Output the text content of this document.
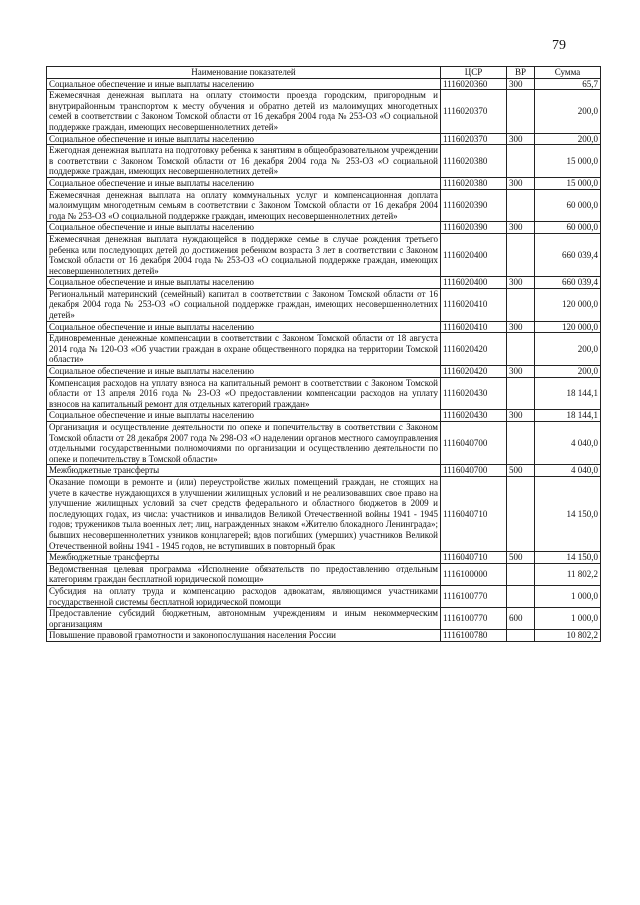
79
Наименование показателей	ЦСР	ВР	Сумма
Социальное обеспечение и иные выплаты населению	1116020360	300	65,7
Ежемесячная денежная выплата на оплату стоимости проезда городским, пригородным и внутрирайонным транспортом к месту обучения и обратно детей из малоимущих многодетных семей в соответствии с Законом Томской области от 16 декабря 2004 года № 253-ОЗ «О социальной поддержке граждан, имеющих несовершеннолетних детей»	1116020370		200,0
Социальное обеспечение и иные выплаты населению	1116020370	300	200,0
Ежегодная денежная выплата на подготовку ребенка к занятиям в общеобразовательном учреждении в соответствии с Законом Томской области от 16 декабря 2004 года № 253-ОЗ «О социальной поддержке граждан, имеющих несовершеннолетних детей»	1116020380		15 000,0
Социальное обеспечение и иные выплаты населению	1116020380	300	15 000,0
Ежемесячная денежная выплата на оплату коммунальных услуг и компенсационная доплата малоимущим многодетным семьям в соответствии с Законом Томской области от 16 декабря 2004 года № 253-ОЗ «О социальной поддержке граждан, имеющих несовершеннолетних детей»	1116020390		60 000,0
Социальное обеспечение и иные выплаты населению	1116020390	300	60 000,0
Ежемесячная денежная выплата нуждающейся в поддержке семье в случае рождения третьего ребенка или последующих детей до достижения ребенком возраста 3 лет в соответствии с Законом Томской области от 16 декабря 2004 года № 253-ОЗ «О социальной поддержке граждан, имеющих несовершеннолетних детей»	1116020400		660 039,4
Социальное обеспечение и иные выплаты населению	1116020400	300	660 039,4
Региональный материнский (семейный) капитал в соответствии с Законом Томской области от 16 декабря 2004 года № 253-ОЗ «О социальной поддержке граждан, имеющих несовершеннолетних детей»	1116020410		120 000,0
Социальное обеспечение и иные выплаты населению	1116020410	300	120 000,0
Единовременные денежные компенсации в соответствии с Законом Томской области от 18 августа 2014 года № 120-ОЗ «Об участии граждан в охране общественного порядка на территории Томской области»	1116020420		200,0
Социальное обеспечение и иные выплаты населению	1116020420	300	200,0
Компенсация расходов на уплату взноса на капитальный ремонт в соответствии с Законом Томской области от 13 апреля 2016 года № 23-ОЗ «О предоставлении компенсации расходов на уплату взносов на капитальный ремонт для отдельных категорий граждан»	1116020430		18 144,1
Социальное обеспечение и иные выплаты населению	1116020430	300	18 144,1
Организация и осуществление деятельности по опеке и попечительству в соответствии с Законом Томской области от 28 декабря 2007 года № 298-ОЗ «О наделении органов местного самоуправления отдельными государственными полномочиями по организации и осуществлению деятельности по опеке и попечительству в Томской области»	1116040700		4 040,0
Межбюджетные трансферты	1116040700	500	4 040,0
Оказание помощи в ремонте и (или) переустройстве жилых помещений граждан, не стоящих на учете в качестве нуждающихся в улучшении жилищных условий и не реализовавших свое право на улучшение жилищных условий за счет средств федерального и областного бюджетов в 2009 и последующих годах, из числа: участников и инвалидов Великой Отечественной войны 1941 - 1945 годов; тружеников тыла военных лет; лиц, награжденных знаком «Жителю блокадного Ленинграда»; бывших несовершеннолетних узников концлагерей; вдов погибших (умерших) участников Великой Отечественной войны 1941 - 1945 годов, не вступивших в повторный брак	1116040710		14 150,0
Межбюджетные трансферты	1116040710	500	14 150,0
Ведомственная целевая программа «Исполнение обязательств по предоставлению отдельным категориям граждан бесплатной юридической помощи»	1116100000		11 802,2
Субсидия на оплату труда и компенсацию расходов адвокатам, являющимся участниками государственной системы бесплатной юридической помощи	1116100770		1 000,0
Предоставление субсидий бюджетным, автономным учреждениям и иным некоммерческим организациям	1116100770	600	1 000,0
Повышение правовой грамотности и законопослушания населения России	1116100780		10 802,2
